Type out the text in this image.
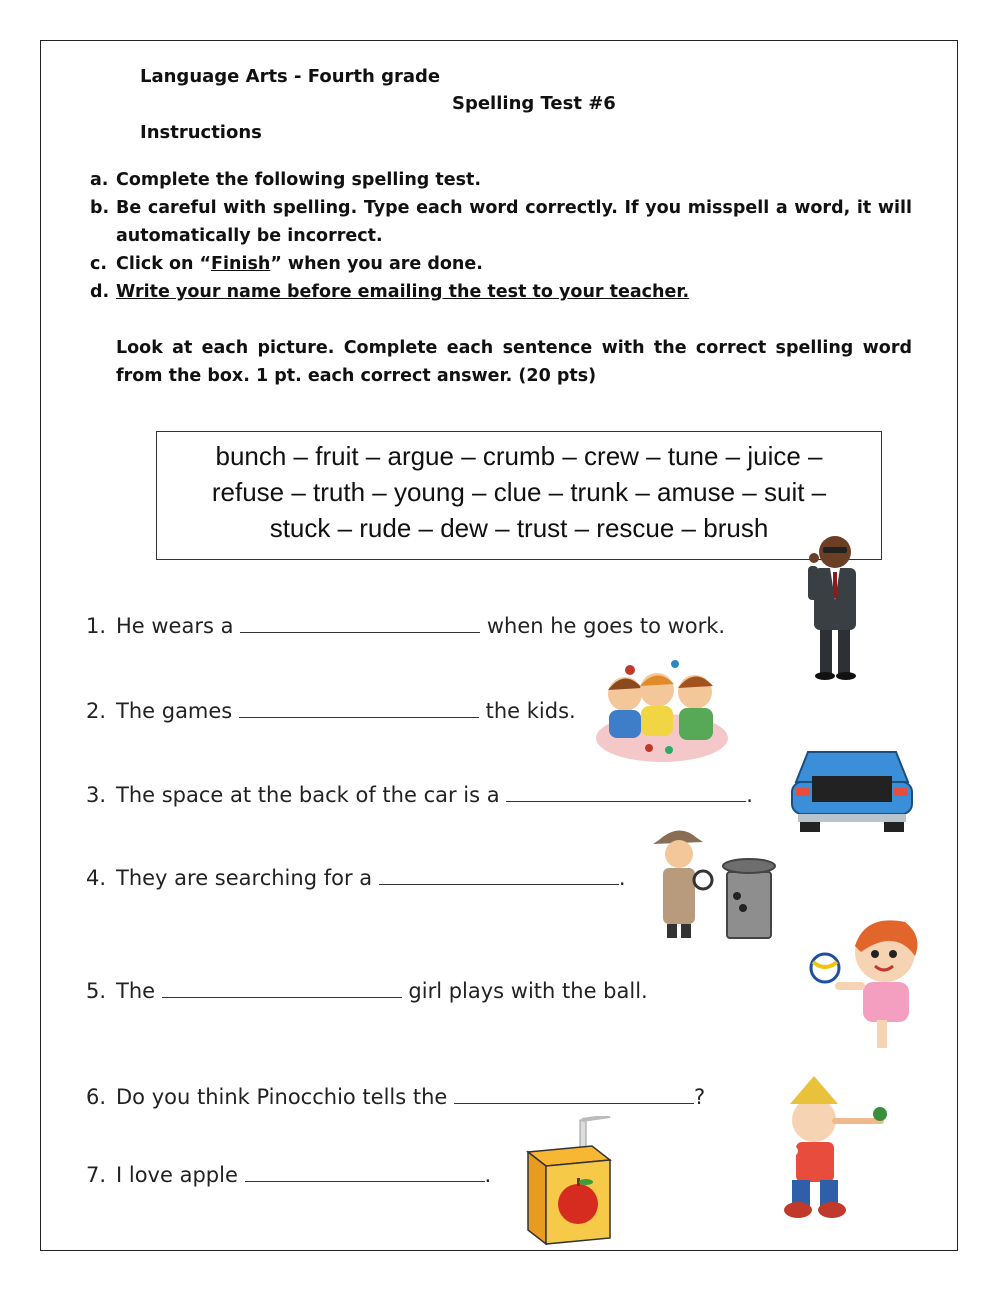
Language Arts - Fourth grade
Spelling Test #6
Instructions
a. Complete the following spelling test.
b. Be careful with spelling. Type each word correctly. If you misspell a word, it will automatically be incorrect.
c. Click on “Finish” when you are done.
d. Write your name before emailing the test to your teacher.
Look at each picture. Complete each sentence with the correct spelling word from the box. 1 pt. each correct answer. (20 pts)
bunch – fruit – argue – crumb – crew – tune – juice –
refuse – truth – young – clue – trunk – amuse – suit –
stuck – rude – dew – trust – rescue – brush
1. He wears a	when he goes to work.
2. The games	the kids.
3. The space at the back of the car is a	.
4. They are searching for a	.
5. The	girl plays with the ball.
6. Do you think Pinocchio tells the	?
7. I love apple	.
